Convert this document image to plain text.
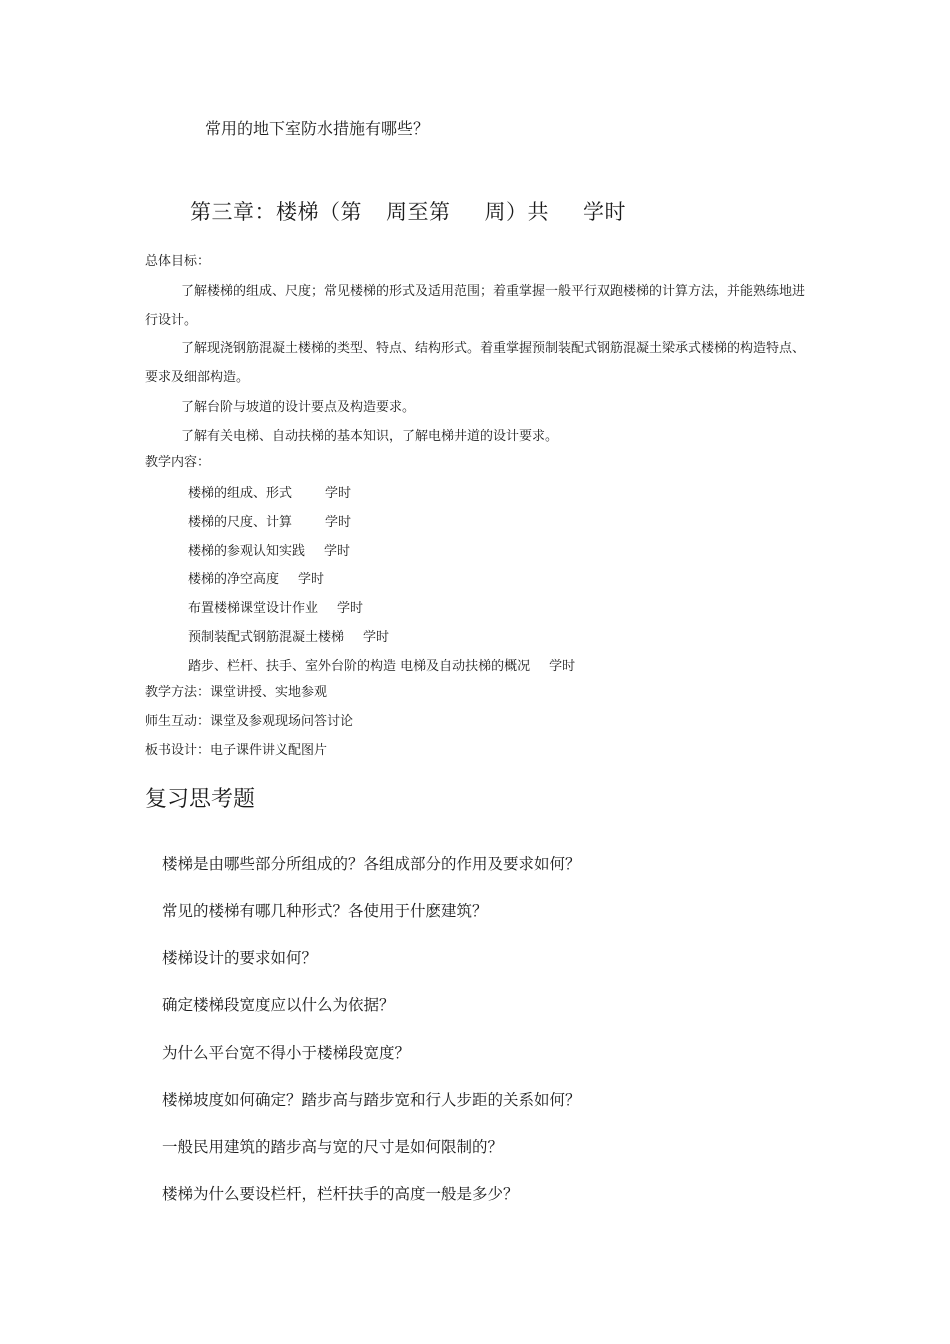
常用的地下室防水措施有哪些？
第三章：楼梯（第 周至第 周）共 学时
总体目标：
了解楼梯的组成、尺度；常见楼梯的形式及适用范围；着重掌握一般平行双跑楼梯的计算方法，并能熟练地进行设计。
了解现浇钢筋混凝土楼梯的类型、特点、结构形式。着重掌握预制装配式钢筋混凝土梁承式楼梯的构造特点、要求及细部构造。
了解台阶与坡道的设计要点及构造要求。
了解有关电梯、自动扶梯的基本知识，了解电梯井道的设计要求。
教学内容：
楼梯的组成、形式	学时
楼梯的尺度、计算	学时
楼梯的参观认知实践 学时
楼梯的净空高度 学时
布置楼梯课堂设计作业 学时
预制装配式钢筋混凝土楼梯 学时
踏步、栏杆、扶手、室外台阶的构造 电梯及自动扶梯的概况 学时
教学方法：课堂讲授、实地参观
师生互动：课堂及参观现场问答讨论
板书设计：电子课件讲义配图片
复习思考题
楼梯是由哪些部分所组成的？各组成部分的作用及要求如何？
常见的楼梯有哪几种形式？各使用于什麽建筑？
楼梯设计的要求如何？
确定楼梯段宽度应以什么为依据？
为什么平台宽不得小于楼梯段宽度？
楼梯坡度如何确定？踏步高与踏步宽和行人步距的关系如何？
一般民用建筑的踏步高与宽的尺寸是如何限制的？
楼梯为什么要设栏杆，栏杆扶手的高度一般是多少？
